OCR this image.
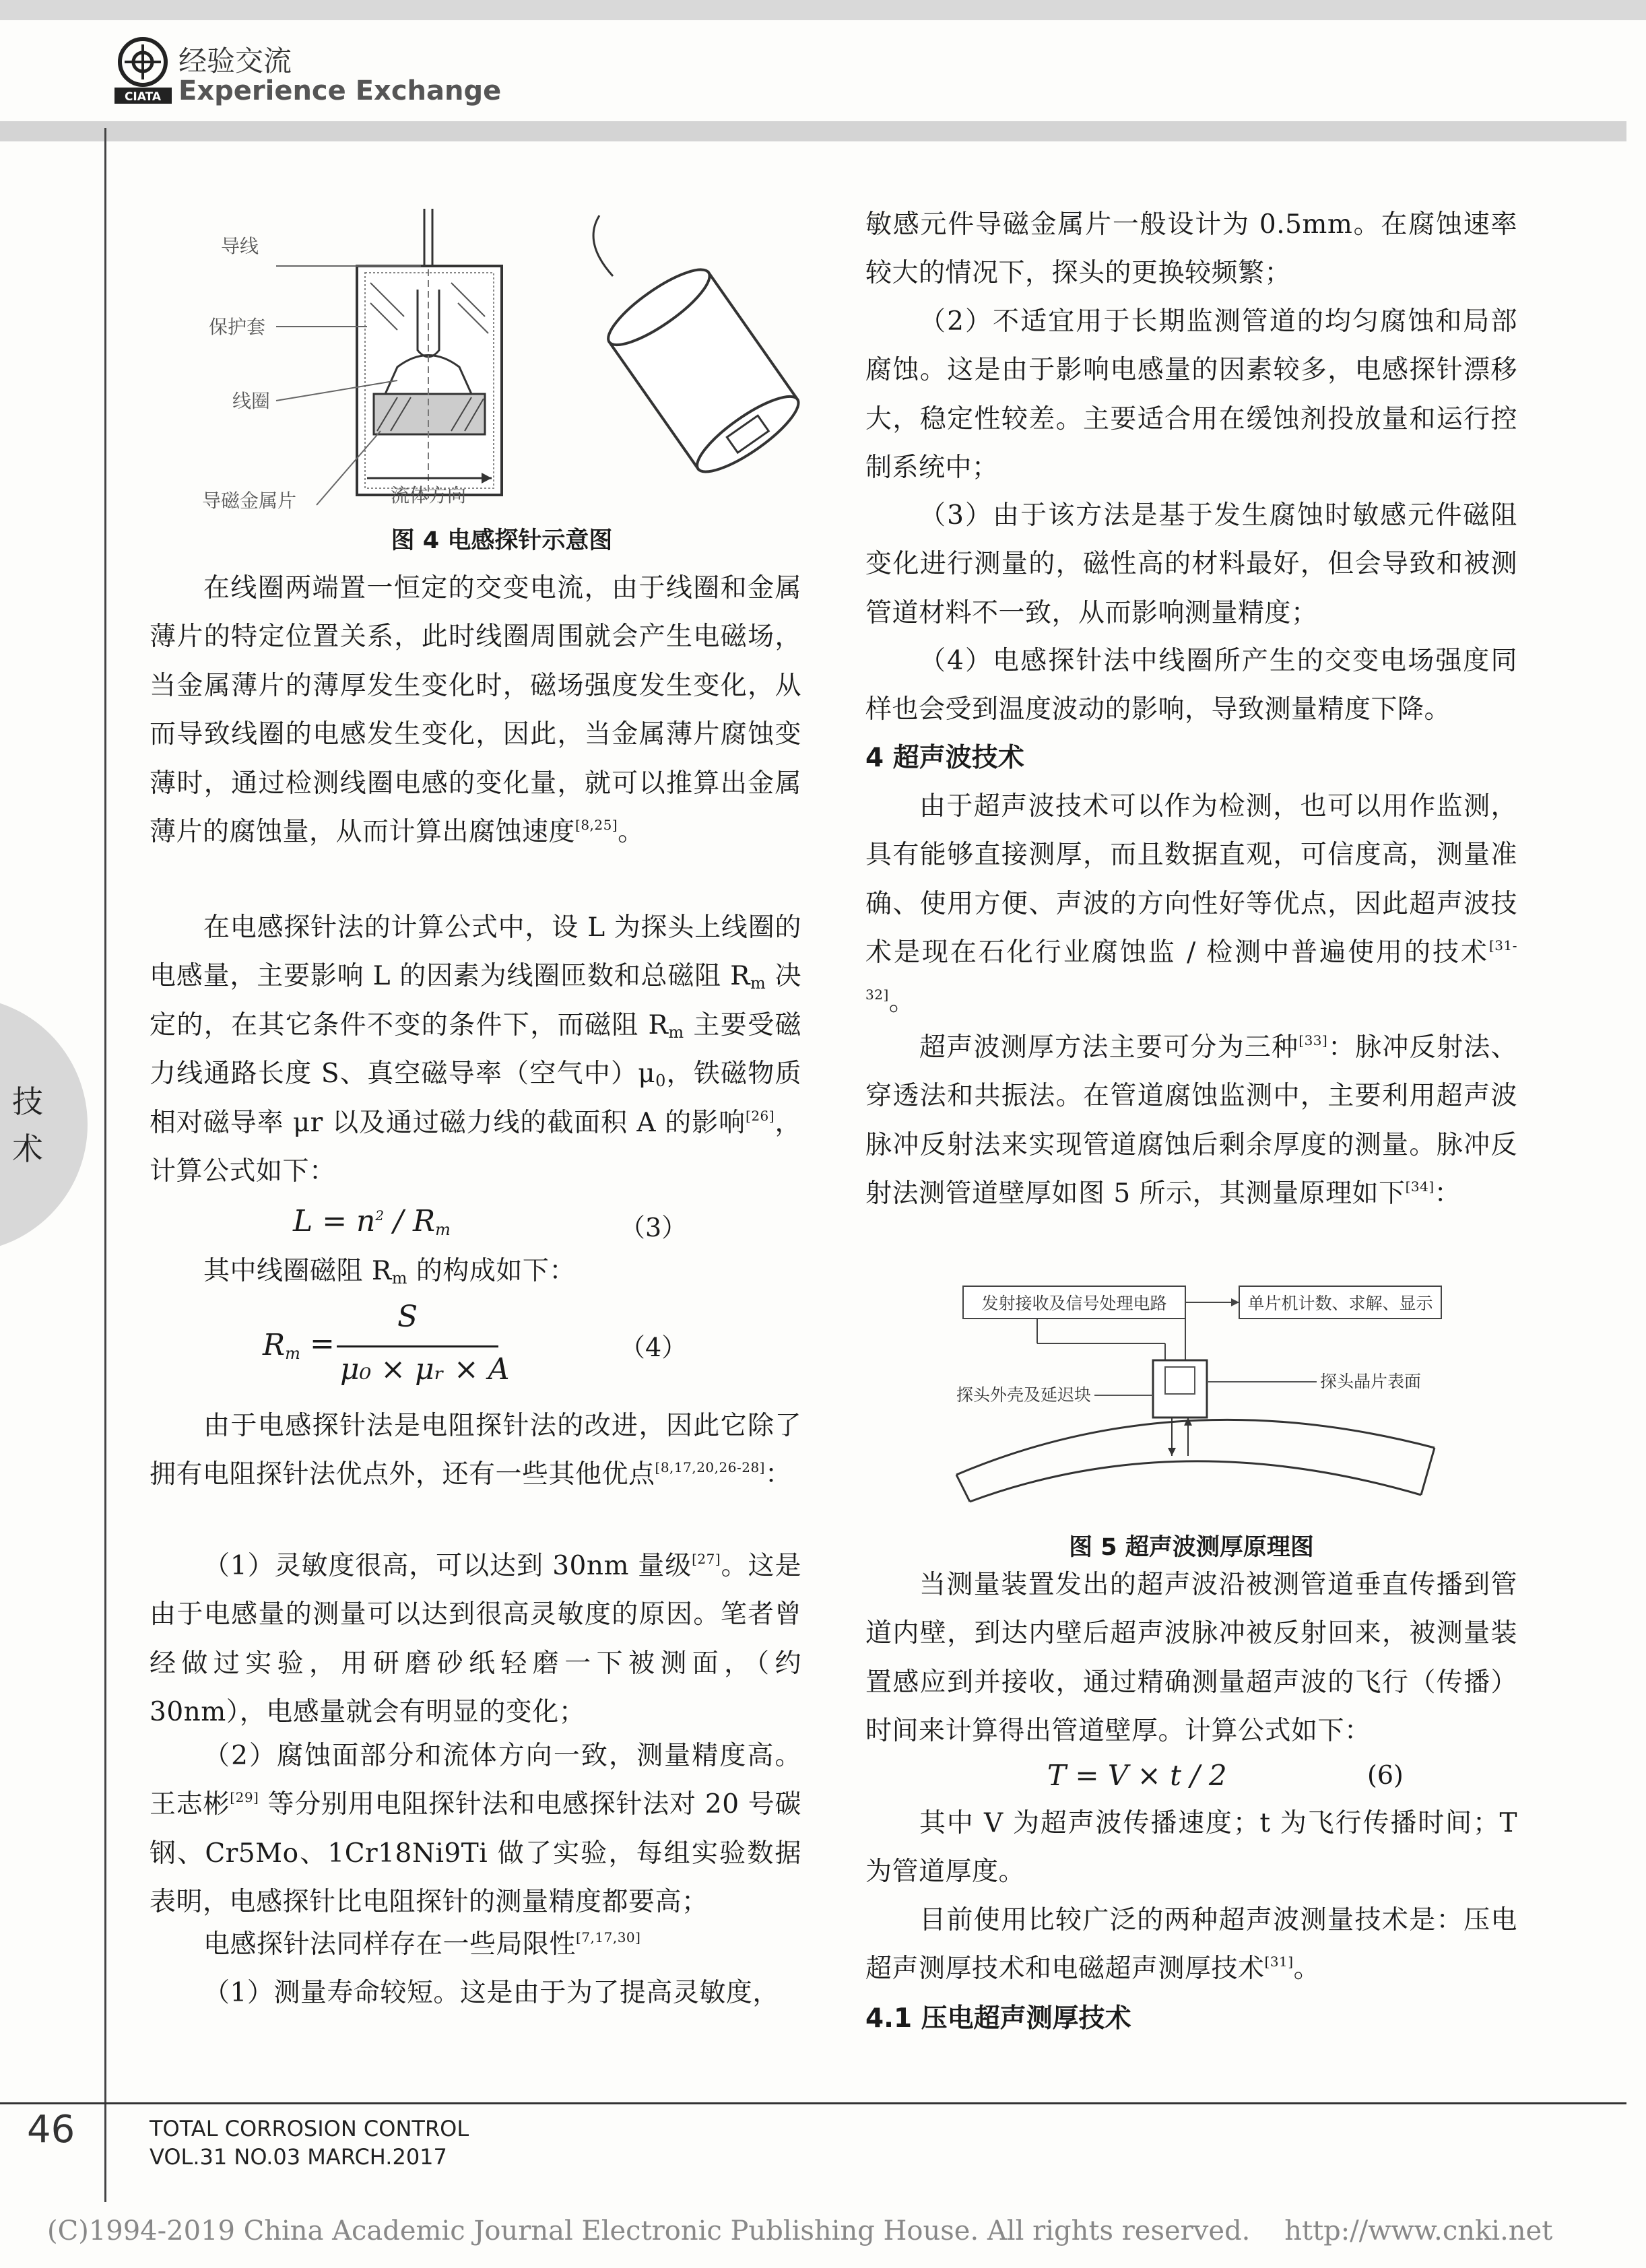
CIATA
经验交流
Experience Exchange
技
术
导线
保护套
线圈
导磁金属片	流体方向
图 4 电感探针示意图

在线圈两端置一恒定的交变电流，由于线圈和金属薄片的特定位置关系，此时线圈周围就会产生电磁场，当金属薄片的薄厚发生变化时，磁场强度发生变化，从而导致线圈的电感发生变化，因此，当金属薄片腐蚀变薄时，通过检测线圈电感的变化量，就可以推算出金属薄片的腐蚀量，从而计算出腐蚀速度[8,25]。

在电感探针法的计算公式中，设 L 为探头上线圈的电感量，主要影响 L 的因素为线圈匝数和总磁阻 $R_m$ 决定的，在其它条件不变的条件下，而磁阻 $R_m$ 主要受磁力线通路长度 S、真空磁导率（空气中）$\mu_0$，铁磁物质相对磁导率 μr 以及通过磁力线的截面积 A 的影响[26]，计算公式如下：

$L = n^2 / R_m$	（3）

其中线圈磁阻 $R_m$ 的构成如下：

$R_m$ =
S
μ₀ × μᵣ × A
（4）

由于电感探针法是电阻探针法的改进，因此它除了拥有电阻探针法优点外，还有一些其他优点[8,17,20,26-28]：

（1）灵敏度很高，可以达到 30nm 量级[27]。这是由于电感量的测量可以达到很高灵敏度的原因。笔者曾经做过实验，用研磨砂纸轻磨一下被测面，（约 30nm），电感量就会有明显的变化；

（2）腐蚀面部分和流体方向一致，测量精度高。王志彬[29] 等分别用电阻探针法和电感探针法对 20 号碳钢、Cr5Mo、1Cr18Ni9Ti 做了实验，每组实验数据表明，电感探针比电阻探针的测量精度都要高；

电感探针法同样存在一些局限性[7,17,30]

（1）测量寿命较短。这是由于为了提高灵敏度，

敏感元件导磁金属片一般设计为 0.5mm。在腐蚀速率较大的情况下，探头的更换较频繁；

（2）不适宜用于长期监测管道的均匀腐蚀和局部腐蚀。这是由于影响电感量的因素较多，电感探针漂移大，稳定性较差。主要适合用在缓蚀剂投放量和运行控制系统中；

（3）由于该方法是基于发生腐蚀时敏感元件磁阻变化进行测量的，磁性高的材料最好，但会导致和被测管道材料不一致，从而影响测量精度；

（4）电感探针法中线圈所产生的交变电场强度同样也会受到温度波动的影响，导致测量精度下降。

4 超声波技术

由于超声波技术可以作为检测，也可以用作监测，具有能够直接测厚，而且数据直观，可信度高，测量准确、使用方便、声波的方向性好等优点，因此超声波技术是现在石化行业腐蚀监 / 检测中普遍使用的技术[31-32]。

超声波测厚方法主要可分为三种[33]：脉冲反射法、穿透法和共振法。在管道腐蚀监测中，主要利用超声波脉冲反射法来实现管道腐蚀后剩余厚度的测量。脉冲反射法测管道壁厚如图 5 所示，其测量原理如下[34]：

发射接收及信号处理电路	单片机计数、求解、显示
探头晶片表面
探头外壳及延迟块
图 5 超声波测厚原理图

当测量装置发出的超声波沿被测管道垂直传播到管道内壁，到达内壁后超声波脉冲被反射回来，被测量装置感应到并接收，通过精确测量超声波的飞行（传播）时间来计算得出管道壁厚。计算公式如下：

T = V × t / 2	(6)

其中 V 为超声波传播速度；t 为飞行传播时间；T 为管道厚度。

目前使用比较广泛的两种超声波测量技术是：压电超声测厚技术和电磁超声测厚技术[31]。

4.1 压电超声测厚技术
46	TOTAL CORROSION CONTROL
VOL.31 NO.03 MARCH.2017
(C)1994-2019 China Academic Journal Electronic Publishing House. All rights reserved.    http://www.cnki.net
